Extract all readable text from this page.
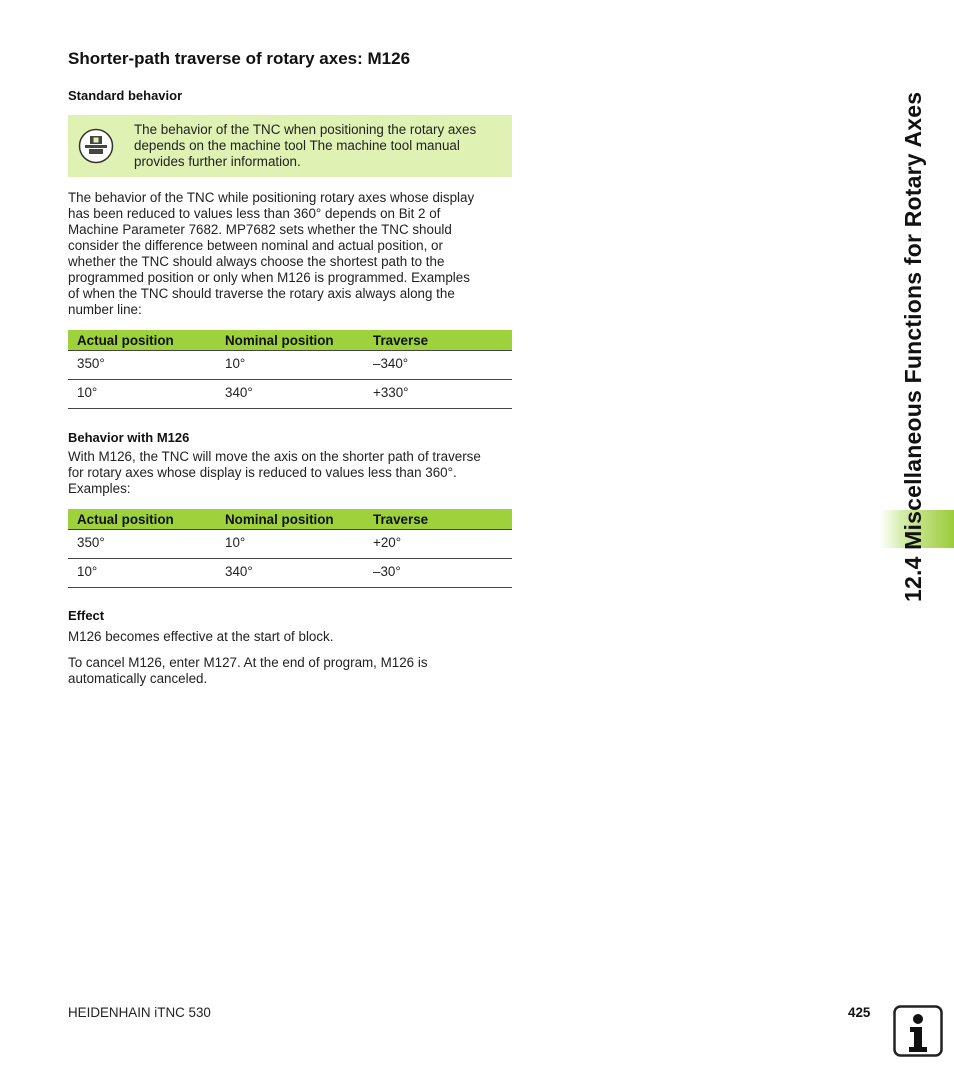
Shorter-path traverse of rotary axes: M126
Standard behavior
The behavior of the TNC when positioning the rotary axes
depends on the machine tool The machine tool manual
provides further information.
The behavior of the TNC while positioning rotary axes whose display
has been reduced to values less than 360° depends on Bit 2 of
Machine Parameter 7682. MP7682 sets whether the TNC should
consider the difference between nominal and actual position, or
whether the TNC should always choose the shortest path to the
programmed position or only when M126 is programmed. Examples
of when the TNC should traverse the rotary axis always along the
number line:
Actual position	Nominal position	Traverse
350°	10°	–340°
10°	340°	+330°
Behavior with M126
With M126, the TNC will move the axis on the shorter path of traverse
for rotary axes whose display is reduced to values less than 360°.
Examples:
Actual position	Nominal position	Traverse
350°	10°	+20°
10°	340°	–30°
Effect
M126 becomes effective at the start of block.
To cancel M126, enter M127. At the end of program, M126 is
automatically canceled.
12.4 Miscellaneous Functions for Rotary Axes
HEIDENHAIN iTNC 530	425
